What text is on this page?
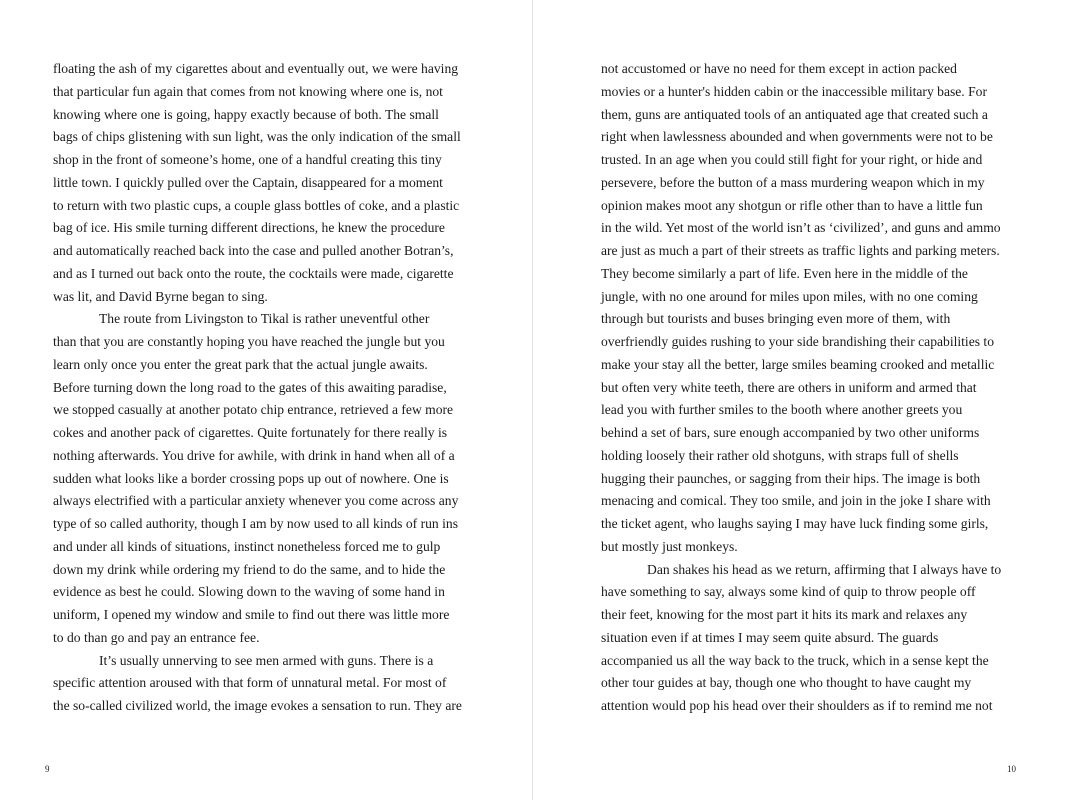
floating the ash of my cigarettes about and eventually out, we were having
that particular fun again that comes from not knowing where one is, not
knowing where one is going, happy exactly because of both. The small
bags of chips glistening with sun light, was the only indication of the small
shop in the front of someone’s home, one of a handful creating this tiny
little town. I quickly pulled over the Captain, disappeared for a moment
to return with two plastic cups, a couple glass bottles of coke, and a plastic
bag of ice. His smile turning different directions, he knew the procedure
and automatically reached back into the case and pulled another Botran’s,
and as I turned out back onto the route, the cocktails were made, cigarette
was lit, and David Byrne began to sing.
The route from Livingston to Tikal is rather uneventful other
than that you are constantly hoping you have reached the jungle but you
learn only once you enter the great park that the actual jungle awaits.
Before turning down the long road to the gates of this awaiting paradise,
we stopped casually at another potato chip entrance, retrieved a few more
cokes and another pack of cigarettes. Quite fortunately for there really is
nothing afterwards. You drive for awhile, with drink in hand when all of a
sudden what looks like a border crossing pops up out of nowhere. One is
always electrified with a particular anxiety whenever you come across any
type of so called authority, though I am by now used to all kinds of run ins
and under all kinds of situations, instinct nonetheless forced me to gulp
down my drink while ordering my friend to do the same, and to hide the
evidence as best he could. Slowing down to the waving of some hand in
uniform, I opened my window and smile to find out there was little more
to do than go and pay an entrance fee.
It’s usually unnerving to see men armed with guns. There is a
specific attention aroused with that form of unnatural metal. For most of
the so-called civilized world, the image evokes a sensation to run. They are
9
not accustomed or have no need for them except in action packed
movies or a hunter's hidden cabin or the inaccessible military base. For
them, guns are antiquated tools of an antiquated age that created such a
right when lawlessness abounded and when governments were not to be
trusted. In an age when you could still fight for your right, or hide and
persevere, before the button of a mass murdering weapon which in my
opinion makes moot any shotgun or rifle other than to have a little fun
in the wild. Yet most of the world isn’t as ‘civilized’, and guns and ammo
are just as much a part of their streets as traffic lights and parking meters.
They become similarly a part of life. Even here in the middle of the
jungle, with no one around for miles upon miles, with no one coming
through but tourists and buses bringing even more of them, with
overfriendly guides rushing to your side brandishing their capabilities to
make your stay all the better, large smiles beaming crooked and metallic
but often very white teeth, there are others in uniform and armed that
lead you with further smiles to the booth where another greets you
behind a set of bars, sure enough accompanied by two other uniforms
holding loosely their rather old shotguns, with straps full of shells
hugging their paunches, or sagging from their hips. The image is both
menacing and comical. They too smile, and join in the joke I share with
the ticket agent, who laughs saying I may have luck finding some girls,
but mostly just monkeys.
Dan shakes his head as we return, affirming that I always have to
have something to say, always some kind of quip to throw people off
their feet, knowing for the most part it hits its mark and relaxes any
situation even if at times I may seem quite absurd. The guards
accompanied us all the way back to the truck, which in a sense kept the
other tour guides at bay, though one who thought to have caught my
attention would pop his head over their shoulders as if to remind me not
10
